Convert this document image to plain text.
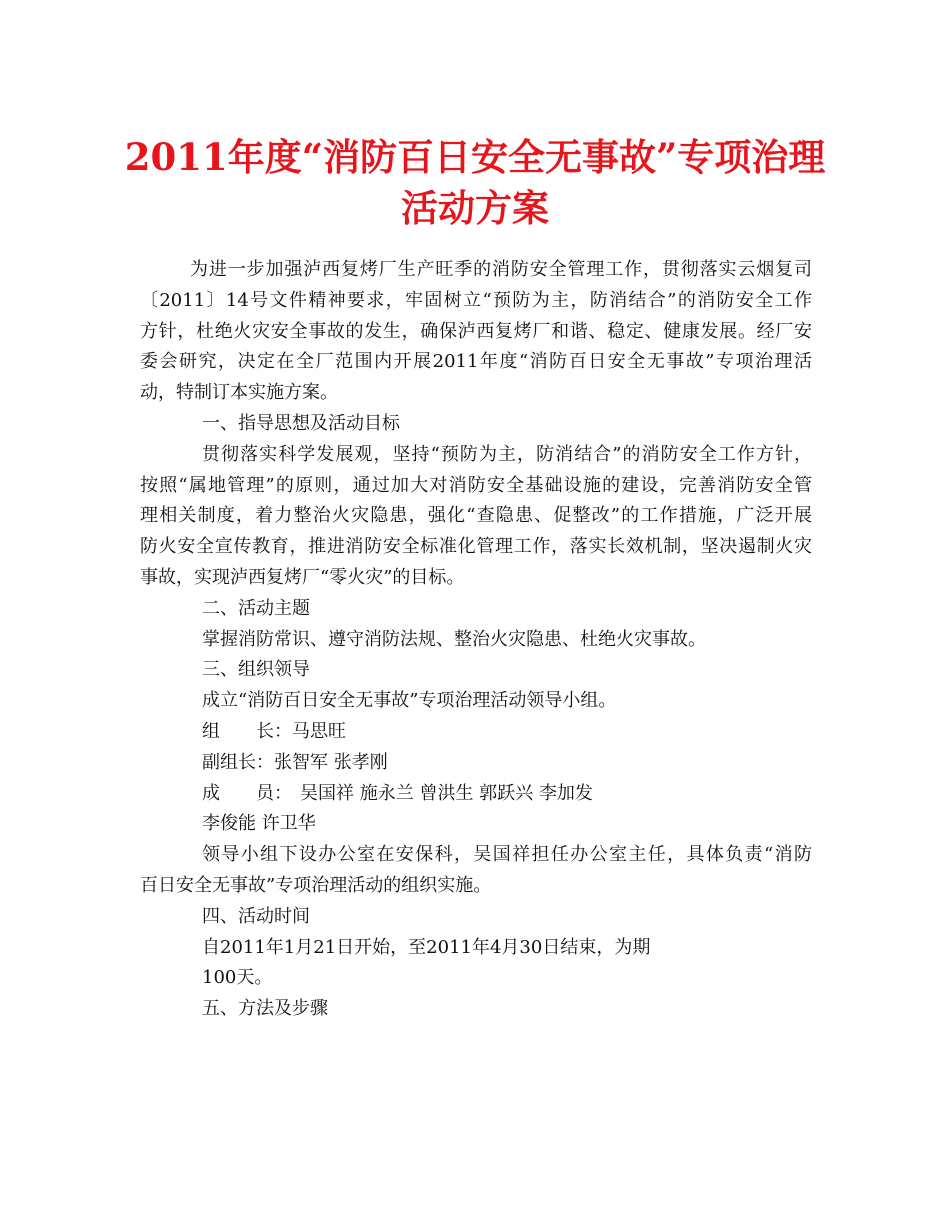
2011年度“消防百日安全无事故”专项治理
活动方案
为进一步加强泸西复烤厂生产旺季的消防安全管理工作，贯彻落实云烟复司
〔2011〕14号文件精神要求，牢固树立“预防为主，防消结合”的消防安全工作
方针，杜绝火灾安全事故的发生，确保泸西复烤厂和谐、稳定、健康发展。经厂安
委会研究，决定在全厂范围内开展2011年度“消防百日安全无事故”专项治理活
动，特制订本实施方案。
一、指导思想及活动目标
贯彻落实科学发展观，坚持“预防为主，防消结合”的消防安全工作方针，
按照“属地管理”的原则，通过加大对消防安全基础设施的建设，完善消防安全管
理相关制度，着力整治火灾隐患，强化“查隐患、促整改”的工作措施，广泛开展
防火安全宣传教育，推进消防安全标准化管理工作，落实长效机制，坚决遏制火灾
事故，实现泸西复烤厂“零火灾”的目标。
二、活动主题
掌握消防常识、遵守消防法规、整治火灾隐患、杜绝火灾事故。
三、组织领导
成立“消防百日安全无事故”专项治理活动领导小组。
组 长：马思旺
副组长：张智军 张孝刚
成 员： 吴国祥 施永兰 曾洪生 郭跃兴 李加发
李俊能 许卫华
领导小组下设办公室在安保科，吴国祥担任办公室主任，具体负责“消防
百日安全无事故”专项治理活动的组织实施。
四、活动时间
自2011年1月21日开始，至2011年4月30日结束，为期
100天。
五、方法及步骤
